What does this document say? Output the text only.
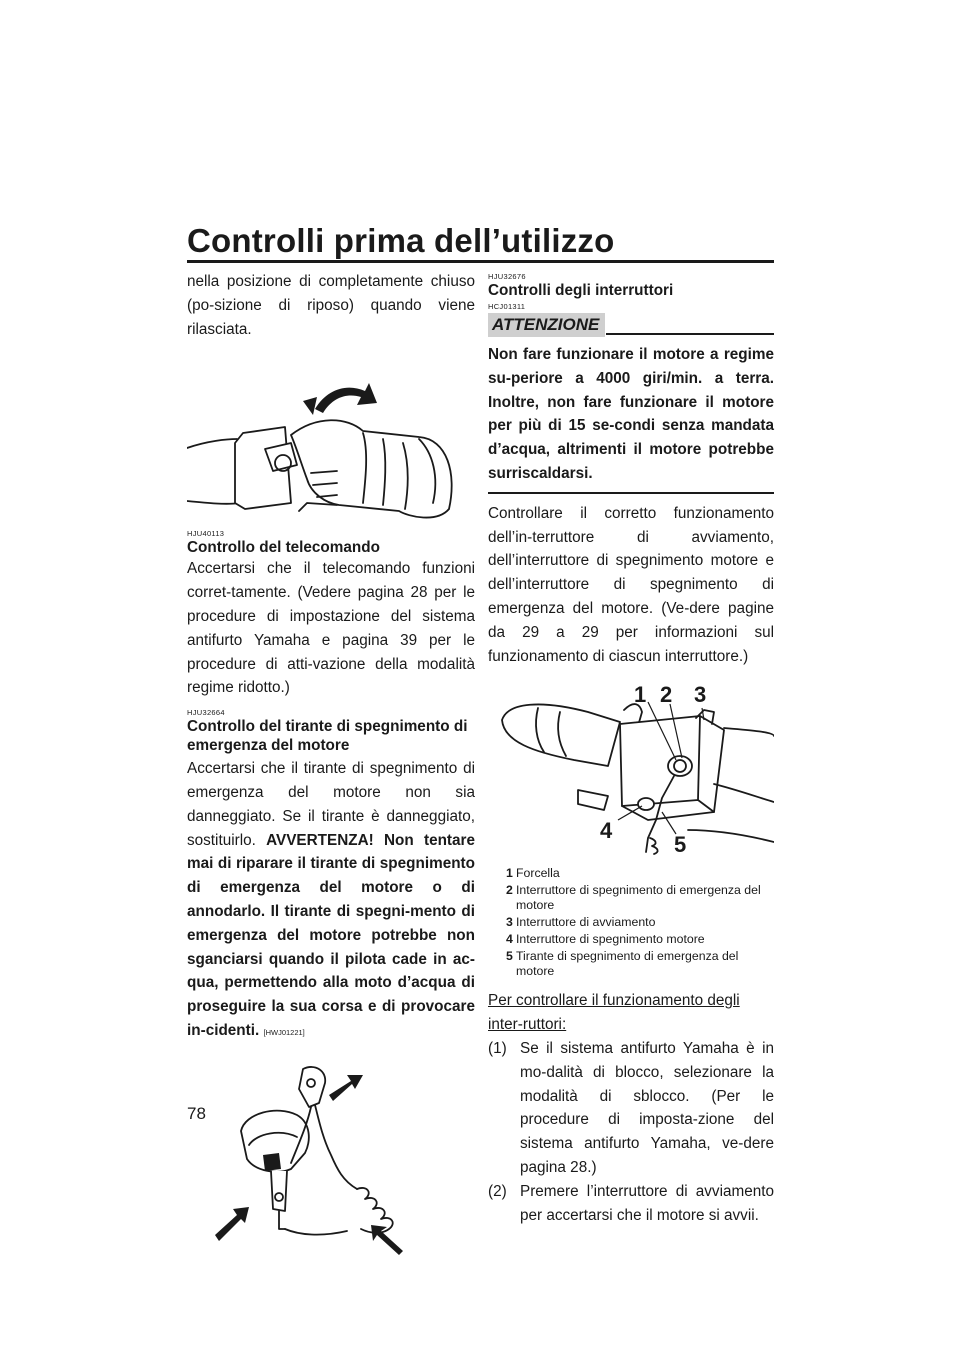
Controlli prima dell’utilizzo

nella posizione di completamente chiuso (po-sizione di riposo) quando viene rilasciata.

HJU40113

Controllo del telecomando

Accertarsi che il telecomando funzioni corret-tamente. (Vedere pagina 28 per le procedure di impostazione del sistema antifurto Yamaha e pagina 39 per le procedure di atti-vazione della modalità regime ridotto.)

HJU32664

Controllo del tirante di spegnimento di emergenza del motore

Accertarsi che il tirante di spegnimento di emergenza del motore non sia danneggiato. Se il tirante è danneggiato, sostituirlo. AVVERTENZA! Non tentare mai di riparare il tirante di spegnimento di emergenza del motore o di annodarlo. Il tirante di spegni-mento di emergenza del motore potrebbe non sganciarsi quando il pilota cade in ac-qua, permettendo alla moto d’acqua di proseguire la sua corsa e di provocare in-cidenti. [HWJ01221]

HJU32676

Controlli degli interruttori

HCJ01311

ATTENZIONE

Non fare funzionare il motore a regime su-periore a 4000 giri/min. a terra. Inoltre, non fare funzionare il motore per più di 15 se-condi senza mandata d’acqua, altrimenti il motore potrebbe surriscaldarsi.

Controllare il corretto funzionamento dell’in-terruttore di avviamento, dell’interruttore di spegnimento motore e dell’interruttore di spegnimento di emergenza del motore. (Ve-dere pagine da 29 a 29 per informazioni sul funzionamento di ciascun interruttore.)

1 2 3
4
5
1 Forcella
2 Interruttore di spegnimento di emergenza del motore
3 Interruttore di avviamento
4 Interruttore di spegnimento motore
5 Tirante di spegnimento di emergenza del motore

Per controllare il funzionamento degli inter-ruttori:

(1) Se il sistema antifurto Yamaha è in mo-dalità di blocco, selezionare la modalità di sblocco. (Per le procedure di imposta-zione del sistema antifurto Yamaha, ve-dere pagina 28.)
(2) Premere l’interruttore di avviamento per accertarsi che il motore si avvii.
78
